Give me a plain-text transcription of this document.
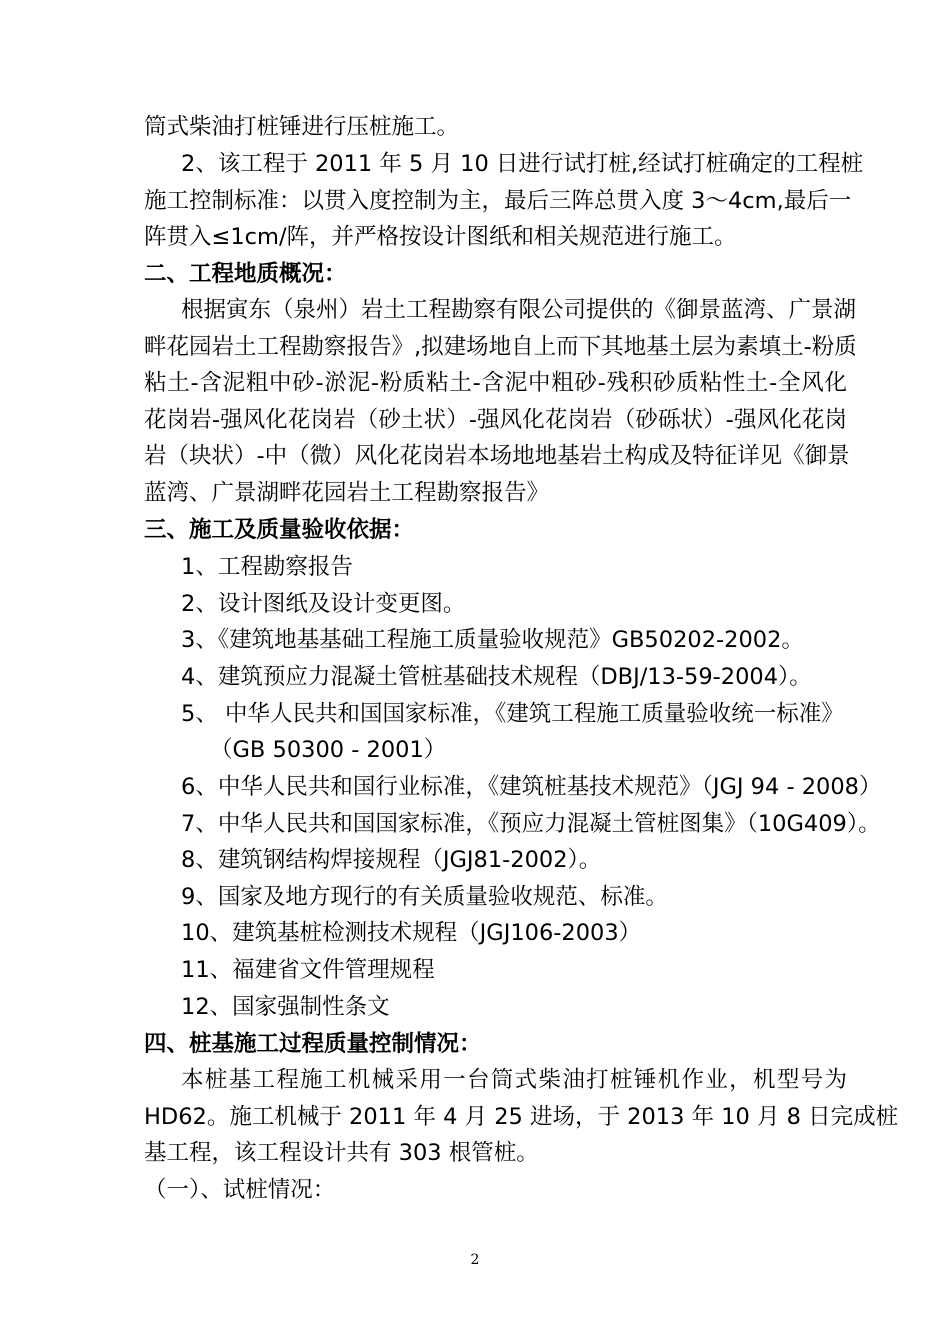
筒式柴油打桩锤进行压桩施工。
2、该工程于 2011 年 5 月 10 日进行试打桩,经试打桩确定的工程桩
施工控制标准：以贯入度控制为主，最后三阵总贯入度 3～4cm,最后一
阵贯入≤1cm/阵，并严格按设计图纸和相关规范进行施工。
二、工程地质概况：
根据寅东（泉州）岩土工程勘察有限公司提供的《御景蓝湾、广景湖
畔花园岩土工程勘察报告》,拟建场地自上而下其地基土层为素填土-粉质
粘土-含泥粗中砂-淤泥-粉质粘土-含泥中粗砂-残积砂质粘性土-全风化
花岗岩-强风化花岗岩（砂土状）-强风化花岗岩（砂砾状）-强风化花岗
岩（块状）-中（微）风化花岗岩本场地地基岩土构成及特征详见《御景
蓝湾、广景湖畔花园岩土工程勘察报告》
三、施工及质量验收依据：
1、工程勘察报告
2、设计图纸及设计变更图。
3、《建筑地基基础工程施工质量验收规范》GB50202-2002。
4、建筑预应力混凝土管桩基础技术规程（DBJ/13-59-2004）。
5、 中华人民共和国国家标准，《建筑工程施工质量验收统一标准》
（GB 50300 - 2001）
6、中华人民共和国行业标准，《建筑桩基技术规范》（JGJ 94 - 2008）
7、中华人民共和国国家标准，《预应力混凝土管桩图集》（10G409）。
8、建筑钢结构焊接规程（JGJ81-2002）。
9、国家及地方现行的有关质量验收规范、标准。
10、建筑基桩检测技术规程（JGJ106-2003）
11、福建省文件管理规程
12、国家强制性条文
四、桩基施工过程质量控制情况：
本桩基工程施工机械采用一台筒式柴油打桩锤机作业，机型号为
HD62。施工机械于 2011 年 4 月 25 进场，于 2013 年 10 月 8 日完成桩
基工程，该工程设计共有 303 根管桩。
（一）、试桩情况：
2
